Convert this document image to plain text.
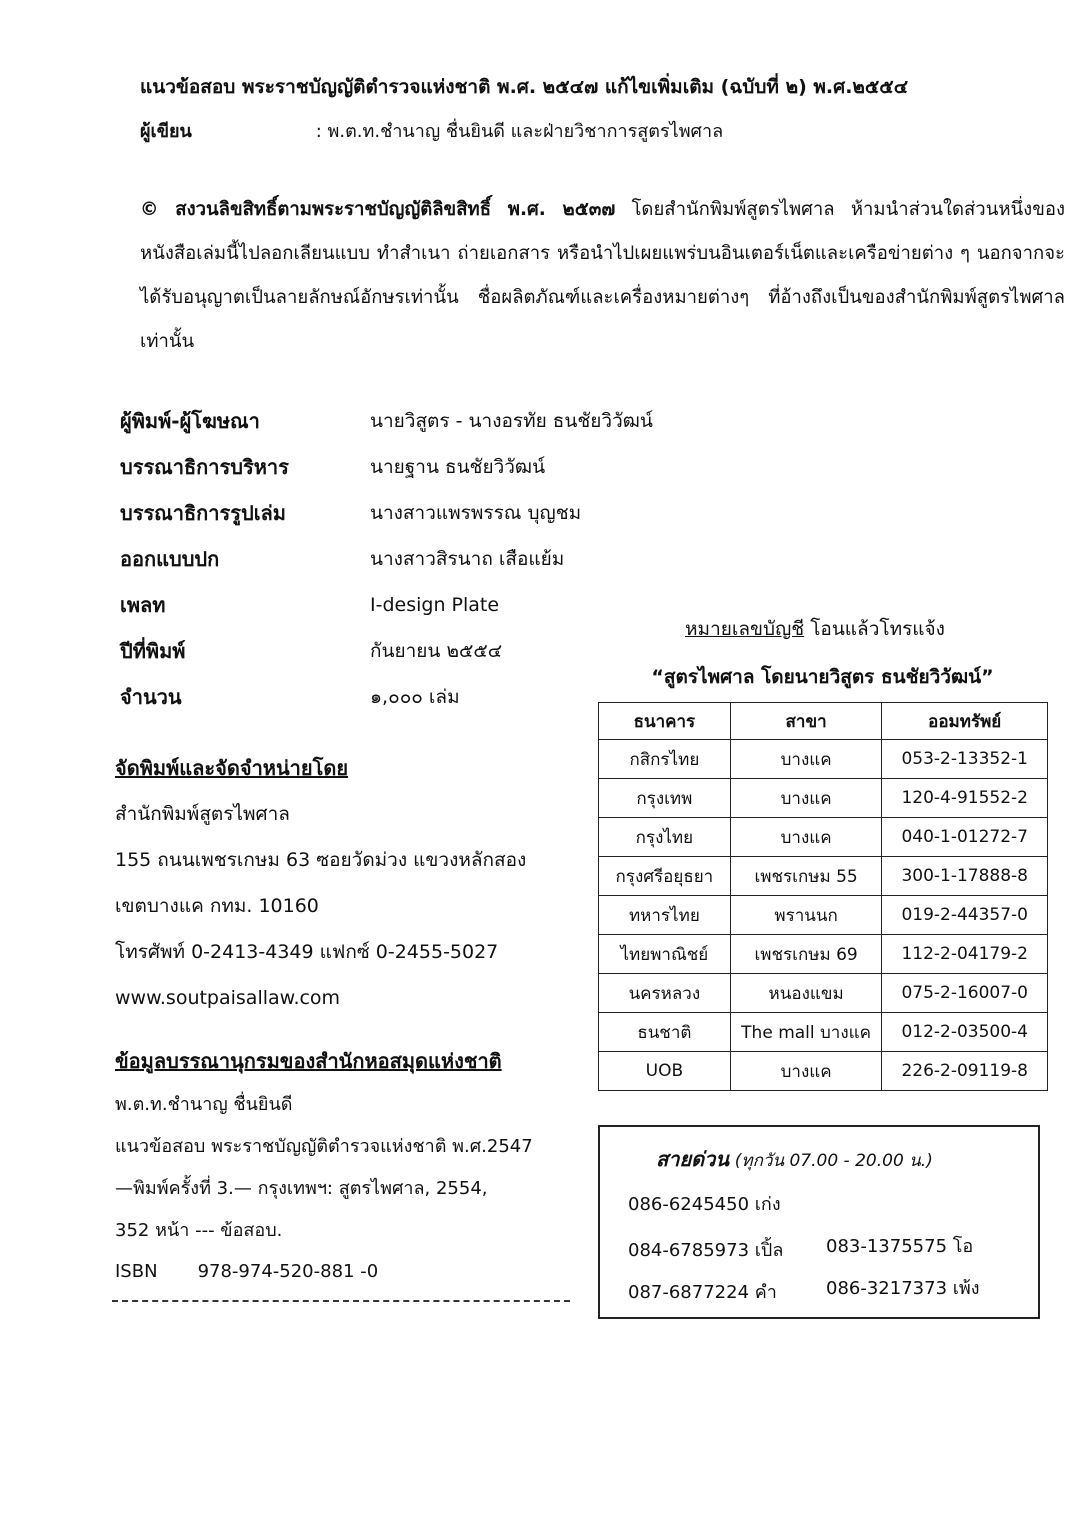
แนวข้อสอบ พระราชบัญญัติตำรวจแห่งชาติ พ.ศ. ๒๕๔๗ แก้ไขเพิ่มเติม (ฉบับที่ ๒) พ.ศ.๒๕๕๔
ผู้เขียน	: พ.ต.ท.ชำนาญ ชื่นยินดี และฝ่ายวิชาการสูตรไพศาล
© สงวนลิขสิทธิ์ตามพระราชบัญญัติลิขสิทธิ์ พ.ศ. ๒๕๓๗ โดยสำนักพิมพ์สูตรไพศาล ห้ามนำส่วนใดส่วนหนึ่งของหนังสือเล่มนี้ไปลอกเลียนแบบ ทำสำเนา ถ่ายเอกสาร หรือนำไปเผยแพร่บนอินเตอร์เน็ตและเครือข่ายต่าง ๆ นอกจากจะได้รับอนุญาตเป็นลายลักษณ์อักษรเท่านั้น ชื่อผลิตภัณฑ์และเครื่องหมายต่างๆ ที่อ้างถึงเป็นของสำนักพิมพ์สูตรไพศาลเท่านั้น
ผู้พิมพ์-ผู้โฆษณา	นายวิสูตร - นางอรทัย ธนชัยวิวัฒน์
บรรณาธิการบริหาร	นายฐาน ธนชัยวิวัฒน์
บรรณาธิการรูปเล่ม	นางสาวแพรพรรณ บุญชม
ออกแบบปก	นางสาวสิรนาถ เสือแย้ม
เพลท	I-design Plate
ปีที่พิมพ์	กันยายน ๒๕๕๔
จำนวน	๑,๐๐๐ เล่ม
จัดพิมพ์และจัดจำหน่ายโดย
สำนักพิมพ์สูตรไพศาล
155 ถนนเพชรเกษม 63 ซอยวัดม่วง แขวงหลักสอง
เขตบางแค กทม. 10160
โทรศัพท์ 0-2413-4349 แฟกซ์ 0-2455-5027
www.soutpaisallaw.com
ข้อมูลบรรณานุกรมของสำนักหอสมุดแห่งชาติ
พ.ต.ท.ชำนาญ ชื่นยินดี
แนวข้อสอบ พระราชบัญญัติตำรวจแห่งชาติ พ.ศ.2547
—พิมพ์ครั้งที่ 3.— กรุงเทพฯ: สูตรไพศาล, 2554,
352 หน้า --- ข้อสอบ.
ISBN 978-974-520-881 -0
หมายเลขบัญชี โอนแล้วโทรแจ้ง
“สูตรไพศาล โดยนายวิสูตร ธนชัยวิวัฒน์”
ธนาคาร	สาขา	ออมทรัพย์
กสิกรไทย	บางแค	053-2-13352-1
กรุงเทพ	บางแค	120-4-91552-2
กรุงไทย	บางแค	040-1-01272-7
กรุงศรีอยุธยา	เพชรเกษม 55	300-1-17888-8
ทหารไทย	พรานนก	019-2-44357-0
ไทยพาณิชย์	เพชรเกษม 69	112-2-04179-2
นครหลวง	หนองแขม	075-2-16007-0
ธนชาติ	The mall บางแค	012-2-03500-4
UOB	บางแค	226-2-09119-8
สายด่วน (ทุกวัน 07.00 - 20.00 น.)
086-6245450 เก่ง
084-6785973 เปิ้ล 083-1375575 โอ
087-6877224 คำ	086-3217373 เพ้ง
